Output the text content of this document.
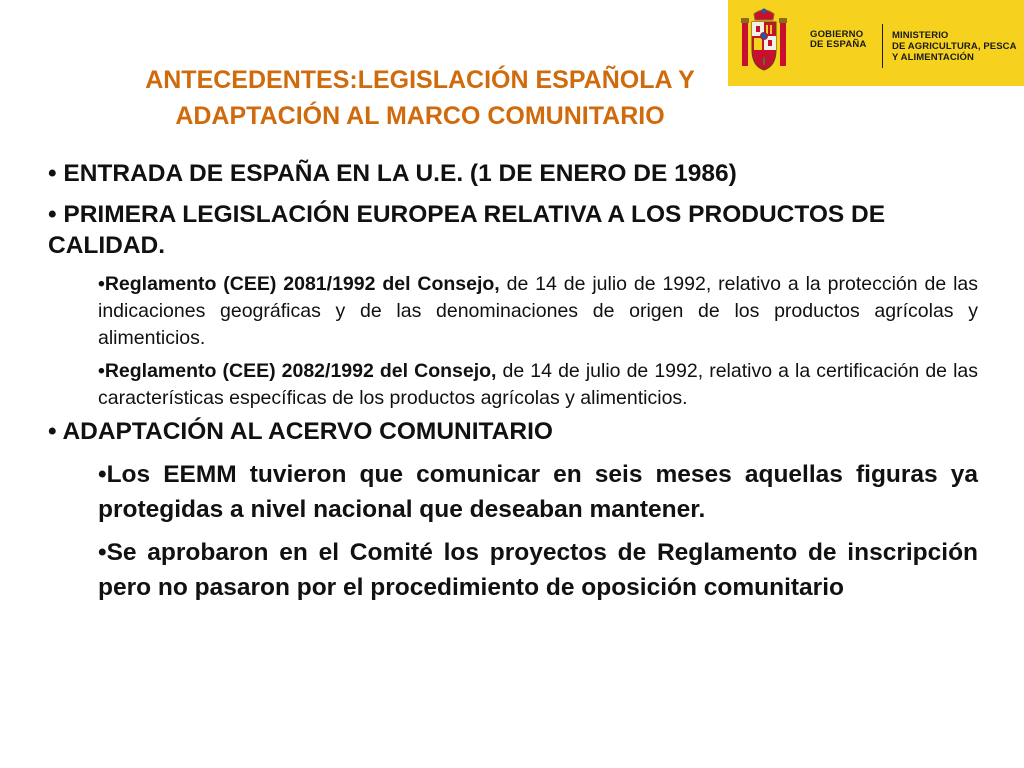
GOBIERNO
DE ESPAÑA
MINISTERIO
DE AGRICULTURA, PESCA
Y ALIMENTACIÓN
ANTECEDENTES:LEGISLACIÓN ESPAÑOLA Y
ADAPTACIÓN AL MARCO COMUNITARIO

• ENTRADA DE ESPAÑA EN LA U.E. (1 DE ENERO DE 1986)

• PRIMERA LEGISLACIÓN EUROPEA RELATIVA A LOS PRODUCTOS DE CALIDAD.

•Reglamento (CEE) 2081/1992 del Consejo, de 14 de julio de 1992, relativo a la protección de las indicaciones geográficas y de las denominaciones de origen de los productos agrícolas y alimenticios.

•Reglamento (CEE) 2082/1992 del Consejo, de 14 de julio de 1992, relativo a la certificación de las características específicas de los productos agrícolas y alimenticios.

• ADAPTACIÓN AL ACERVO COMUNITARIO

•Los EEMM tuvieron que comunicar en seis meses aquellas figuras ya protegidas a nivel nacional que deseaban mantener.

•Se aprobaron en el Comité los proyectos de Reglamento de inscripción pero no pasaron por el procedimiento de oposición comunitario
